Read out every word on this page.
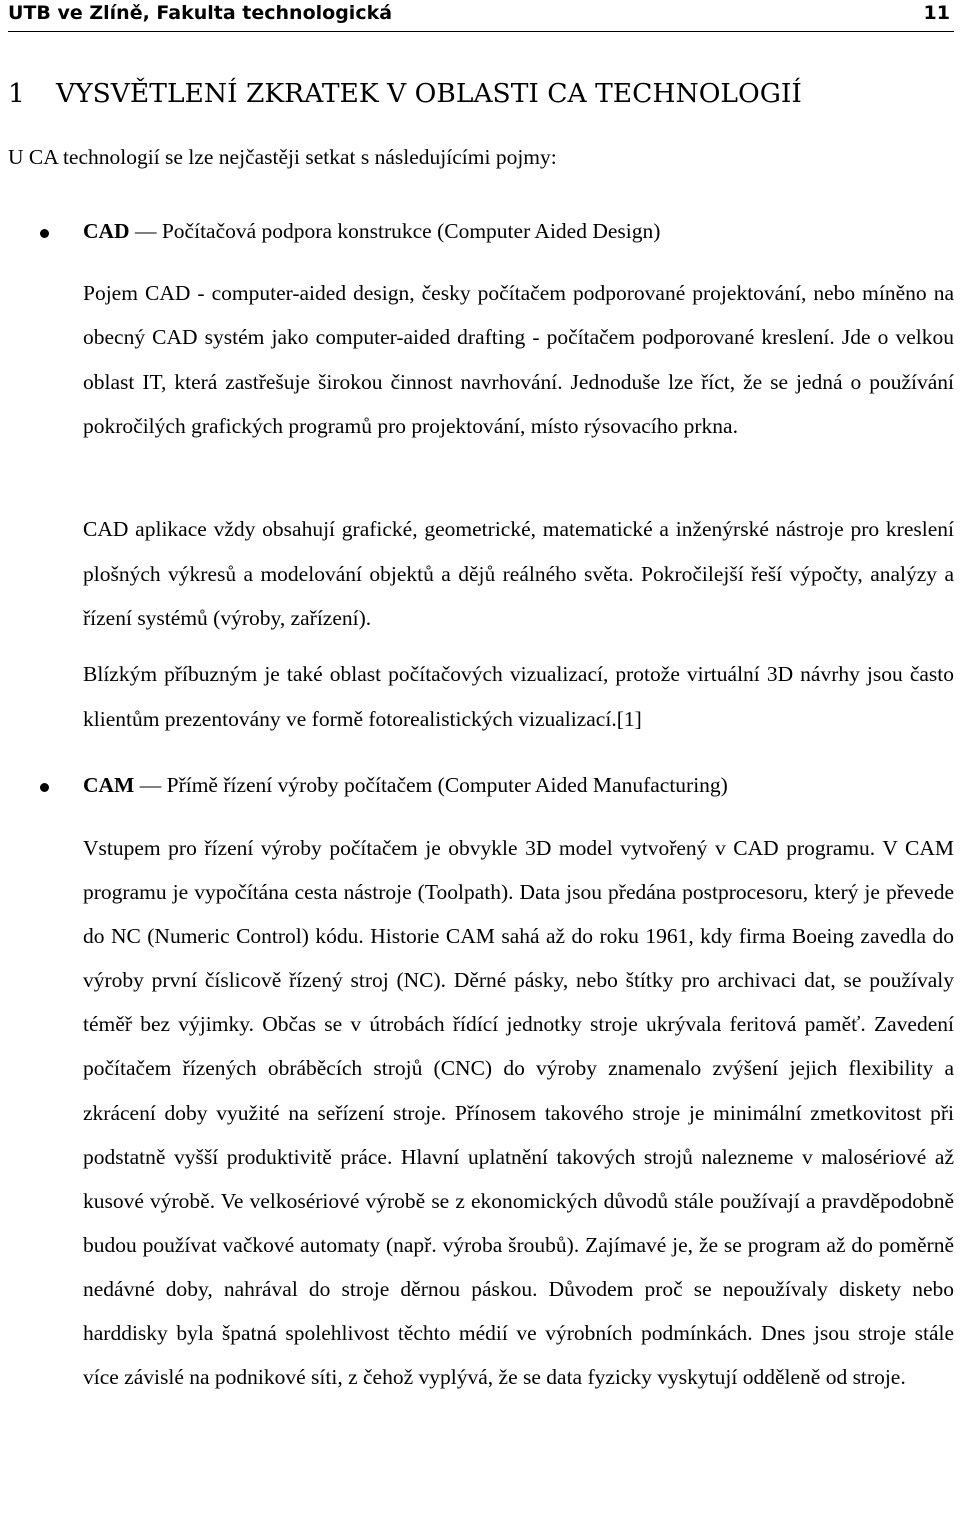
UTB ve Zlíně, Fakulta technologická	11
1 VYSVĚTLENÍ ZKRATEK V OBLASTI CA TECHNOLOGIÍ

U CA technologií se lze nejčastěji setkat s následujícími pojmy:

CAD — Počítačová podpora konstrukce (Computer Aided Design)

Pojem CAD - computer-aided design, česky počítačem podporované projektování, nebo míněno na obecný CAD systém jako computer-aided drafting - počítačem podporované kreslení. Jde o velkou oblast IT, která zastřešuje širokou činnost navrhování. Jednoduše lze říct, že se jedná o používání pokročilých grafických programů pro projektování, místo rýsovacího prkna.

CAD aplikace vždy obsahují grafické, geometrické, matematické a inženýrské nástroje pro kreslení plošných výkresů a modelování objektů a dějů reálného světa. Pokročilejší řeší výpočty, analýzy a řízení systémů (výroby, zařízení).

Blízkým příbuzným je také oblast počítačových vizualizací, protože virtuální 3D návrhy jsou často klientům prezentovány ve formě fotorealistických vizualizací.[1]

CAM — Přímě řízení výroby počítačem (Computer Aided Manufacturing)

Vstupem pro řízení výroby počítačem je obvykle 3D model vytvořený v CAD programu. V CAM programu je vypočítána cesta nástroje (Toolpath). Data jsou předána postprocesoru, který je převede do NC (Numeric Control) kódu. Historie CAM sahá až do roku 1961, kdy firma Boeing zavedla do výroby první číslicově řízený stroj (NC). Děrné pásky, nebo štítky pro archivaci dat, se používaly téměř bez výjimky. Občas se v útrobách řídící jednotky stroje ukrývala feritová paměť. Zavedení počítačem řízených obráběcích strojů (CNC) do výroby znamenalo zvýšení jejich flexibility a zkrácení doby využité na seřízení stroje. Přínosem takového stroje je minimální zmetkovitost při podstatně vyšší produktivitě práce. Hlavní uplatnění takových strojů nalezneme v malosériové až kusové výrobě. Ve velkosériové výrobě se z ekonomických důvodů stále používají a pravděpodobně budou používat vačkové automaty (např. výroba šroubů). Zajímavé je, že se program až do poměrně nedávné doby, nahrával do stroje děrnou páskou. Důvodem proč se nepoužívaly diskety nebo harddisky byla špatná spolehlivost těchto médií ve výrobních podmínkách. Dnes jsou stroje stále více závislé na podnikové síti, z čehož vyplývá, že se data fyzicky vyskytují odděleně od stroje.
